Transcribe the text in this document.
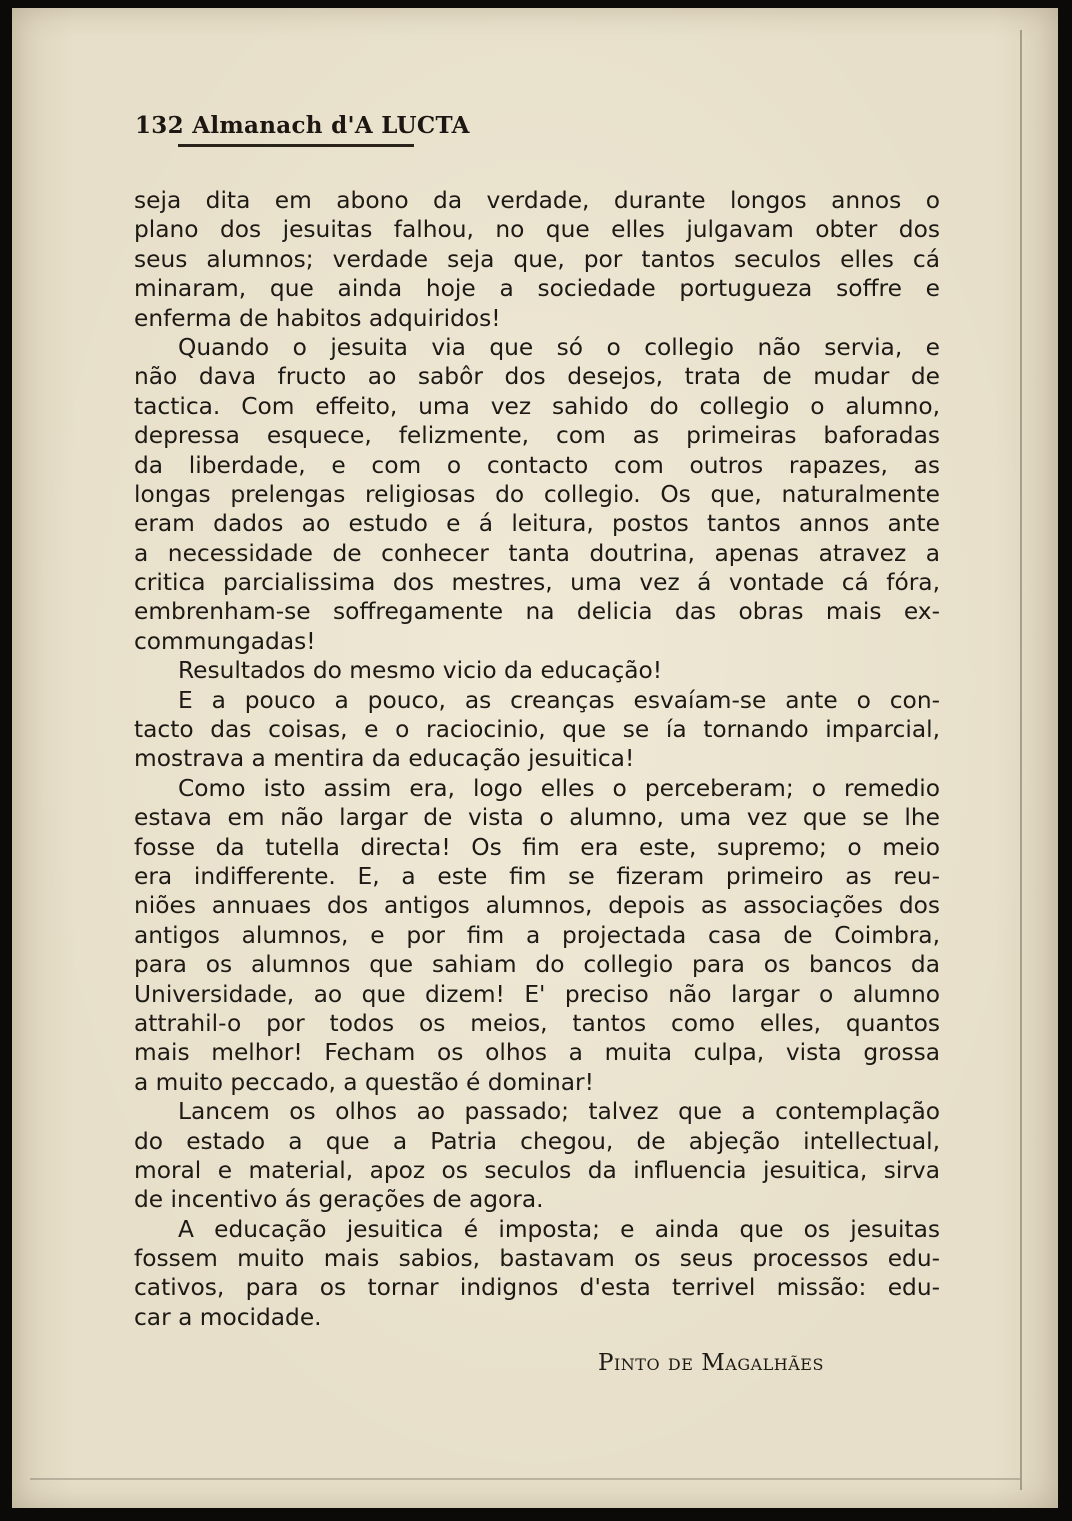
132 Almanach d'A LUCTA
seja dita em abono da verdade, durante longos annos o
plano dos jesuitas falhou, no que elles julgavam obter dos
seus alumnos; verdade seja que, por tantos seculos elles cá
minaram, que ainda hoje a sociedade portugueza soffre e
enferma de habitos adquiridos!
Quando o jesuita via que só o collegio não servia, e
não dava fructo ao sabôr dos desejos, trata de mudar de
tactica. Com effeito, uma vez sahido do collegio o alumno,
depressa esquece, felizmente, com as primeiras baforadas
da liberdade, e com o contacto com outros rapazes, as
longas prelengas religiosas do collegio. Os que, naturalmente
eram dados ao estudo e á leitura, postos tantos annos ante
a necessidade de conhecer tanta doutrina, apenas atravez a
critica parcialissima dos mestres, uma vez á vontade cá fóra,
embrenham-se soffregamente na delicia das obras mais ex-
commungadas!
Resultados do mesmo vicio da educação!
E a pouco a pouco, as creanças esvaíam-se ante o con-
tacto das coisas, e o raciocinio, que se ía tornando imparcial,
mostrava a mentira da educação jesuitica!
Como isto assim era, logo elles o perceberam; o remedio
estava em não largar de vista o alumno, uma vez que se lhe
fosse da tutella directa! Os fim era este, supremo; o meio
era indifferente. E, a este fim se fizeram primeiro as reu-
niões annuaes dos antigos alumnos, depois as associações dos
antigos alumnos, e por fim a projectada casa de Coimbra,
para os alumnos que sahiam do collegio para os bancos da
Universidade, ao que dizem! E' preciso não largar o alumno
attrahil-o por todos os meios, tantos como elles, quantos
mais melhor! Fecham os olhos a muita culpa, vista grossa
a muito peccado, a questão é dominar!
Lancem os olhos ao passado; talvez que a contemplação
do estado a que a Patria chegou, de abjeção intellectual,
moral e material, apoz os seculos da influencia jesuitica, sirva
de incentivo ás gerações de agora.
A educação jesuitica é imposta; e ainda que os jesuitas
fossem muito mais sabios, bastavam os seus processos edu-
cativos, para os tornar indignos d'esta terrivel missão: edu-
car a mocidade.
Pinto de Magalhães
